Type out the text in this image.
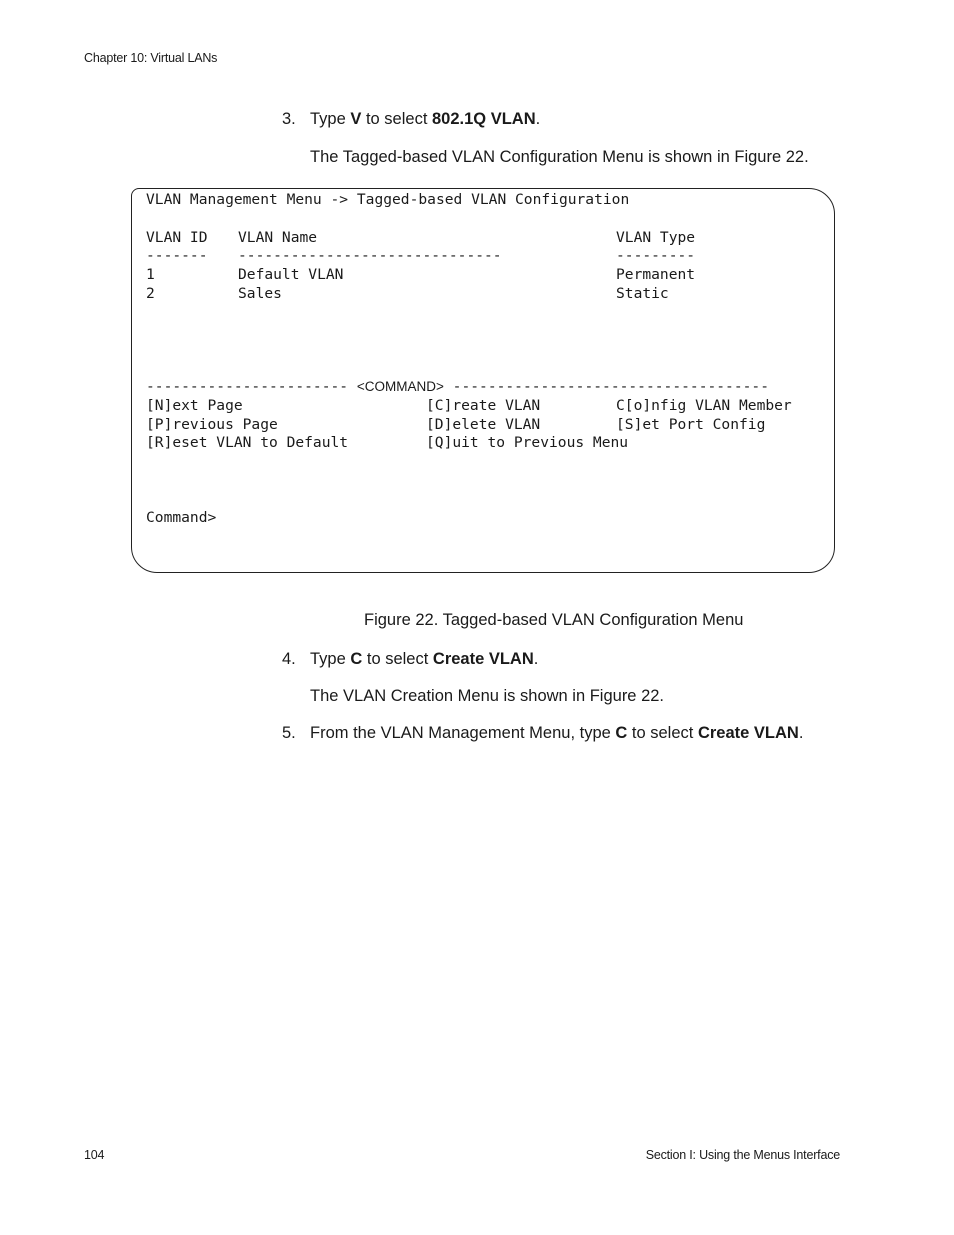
Chapter 10: Virtual LANs
3. Type V to select 802.1Q VLAN.
The Tagged-based VLAN Configuration Menu is shown in Figure 22.
VLAN Management Menu -> Tagged-based VLAN Configuration
VLAN ID VLAN Name	VLAN Type
------- ------------------------------	---------
1	Default VLAN	Permanent
2	Sales	Static
----------------------- <COMMAND> ------------------------------------
[N]ext Page	[C]reate VLAN	C[o]nfig VLAN Member
[P]revious Page	[D]elete VLAN	[S]et Port Config
[R]eset VLAN to Default	[Q]uit to Previous Menu
Command>
Figure 22. Tagged-based VLAN Configuration Menu
4. Type C to select Create VLAN.
The VLAN Creation Menu is shown in Figure 22.
5. From the VLAN Management Menu, type C to select Create VLAN.
104	Section I: Using the Menus Interface
